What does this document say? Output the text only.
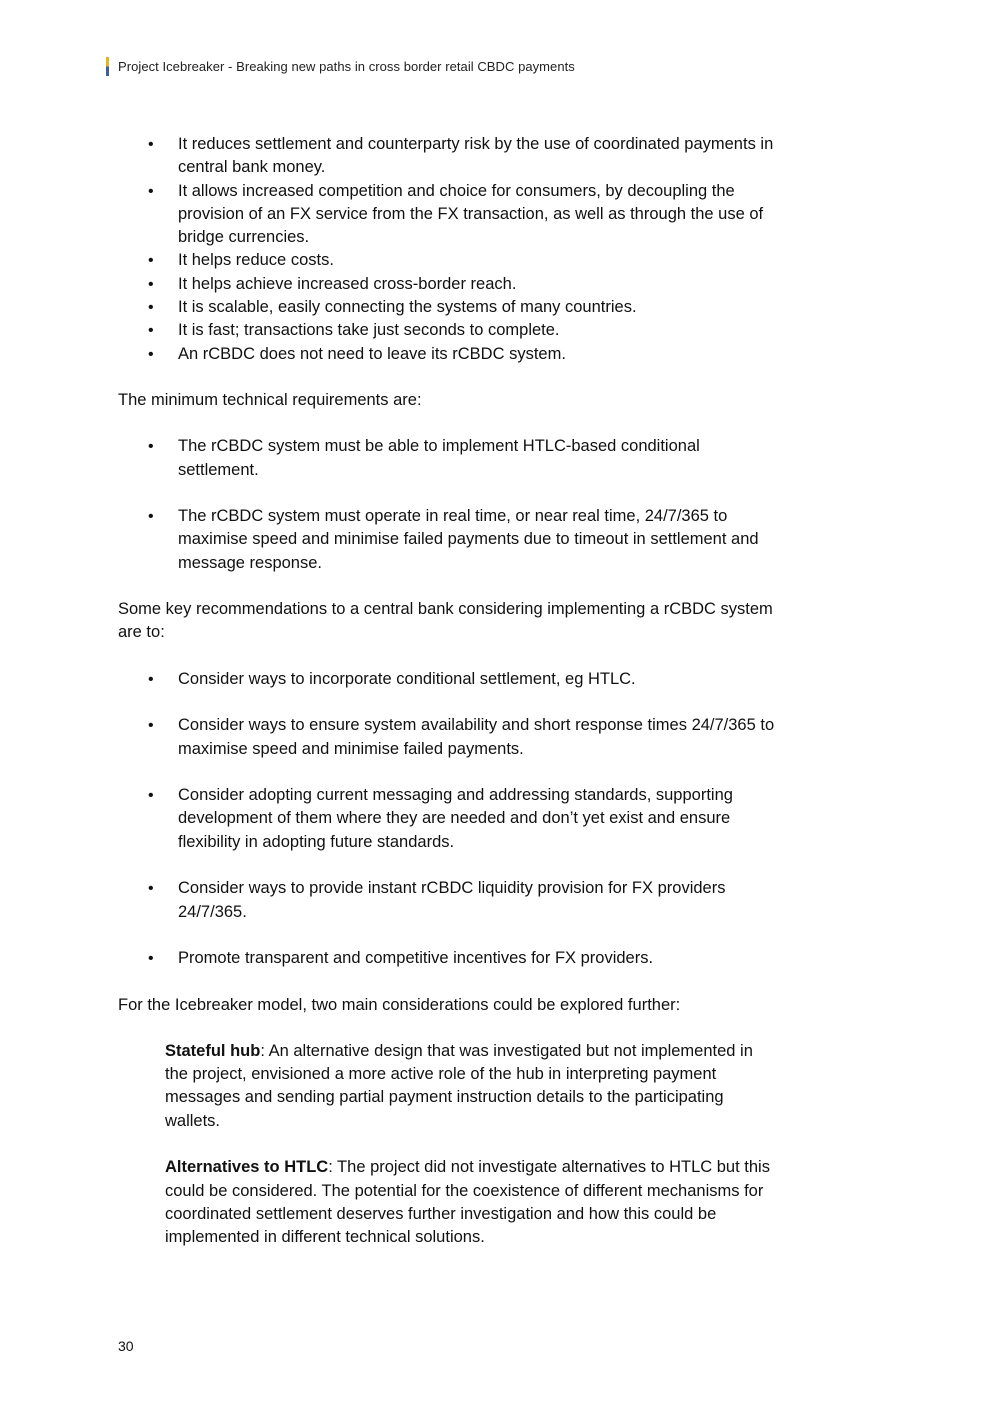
Project Icebreaker - Breaking new paths in cross border retail CBDC payments
• It reduces settlement and counterparty risk by the use of coordinated payments in central bank money.
• It allows increased competition and choice for consumers, by decoupling the provision of an FX service from the FX transaction, as well as through the use of bridge currencies.
• It helps reduce costs.
• It helps achieve increased cross-border reach.
• It is scalable, easily connecting the systems of many countries.
• It is fast; transactions take just seconds to complete.
• An rCBDC does not need to leave its rCBDC system.

The minimum technical requirements are:

• The rCBDC system must be able to implement HTLC-based conditional settlement.
• The rCBDC system must operate in real time, or near real time, 24/7/365 to maximise speed and minimise failed payments due to timeout in settlement and message response.

Some key recommendations to a central bank considering implementing a rCBDC system are to:

• Consider ways to incorporate conditional settlement, eg HTLC.
• Consider ways to ensure system availability and short response times 24/7/365 to maximise speed and minimise failed payments.
• Consider adopting current messaging and addressing standards, supporting development of them where they are needed and don’t yet exist and ensure flexibility in adopting future standards.
• Consider ways to provide instant rCBDC liquidity provision for FX providers 24/7/365.
• Promote transparent and competitive incentives for FX providers.

For the Icebreaker model, two main considerations could be explored further:

Stateful hub: An alternative design that was investigated but not implemented in the project, envisioned a more active role of the hub in interpreting payment messages and sending partial payment instruction details to the participating wallets.

Alternatives to HTLC: The project did not investigate alternatives to HTLC but this could be considered. The potential for the coexistence of different mechanisms for coordinated settlement deserves further investigation and how this could be implemented in different technical solutions.

30
